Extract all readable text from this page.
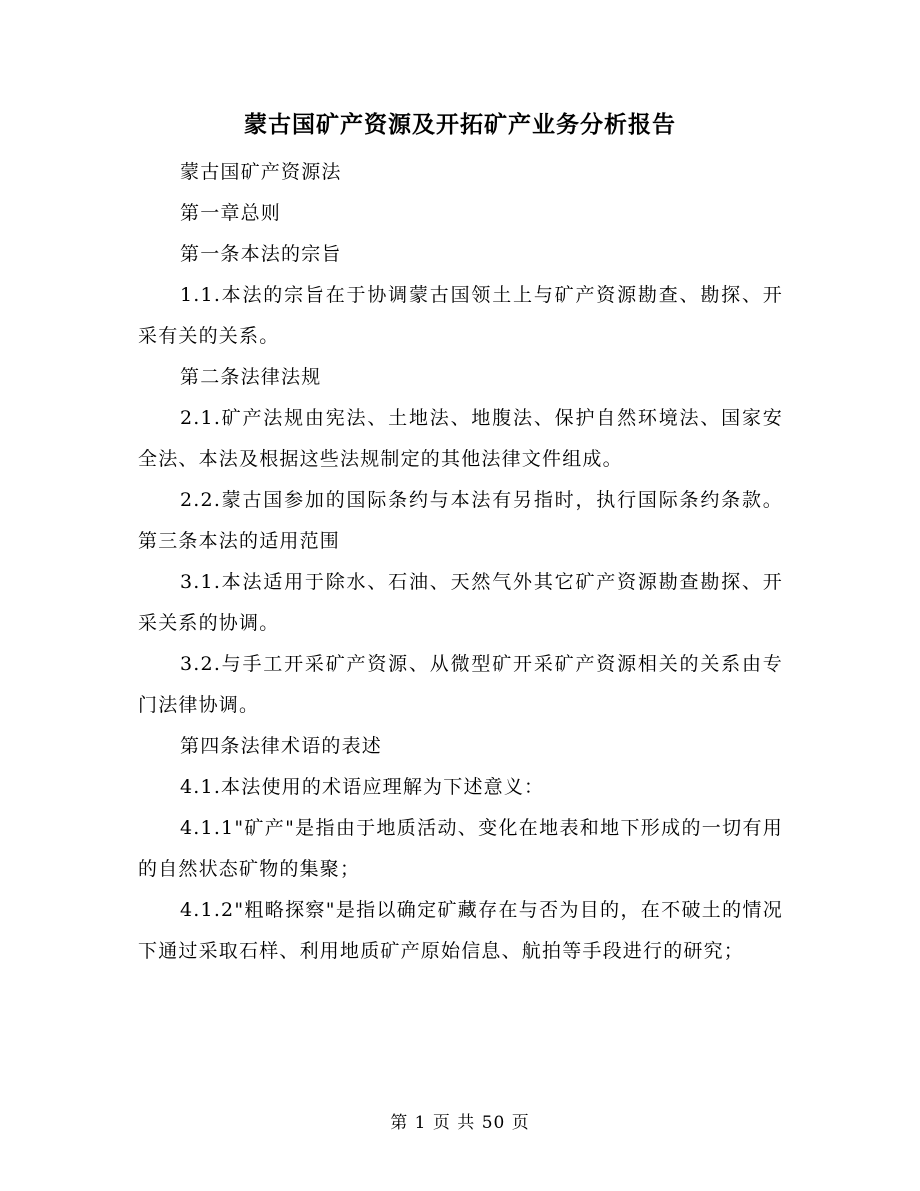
蒙古国矿产资源及开拓矿产业务分析报告

蒙古国矿产资源法

第一章总则

第一条本法的宗旨

1.1.本法的宗旨在于协调蒙古国领土上与矿产资源勘查、勘探、开采有关的关系。

第二条法律法规

2.1.矿产法规由宪法、土地法、地腹法、保护自然环境法、国家安全法、本法及根据这些法规制定的其他法律文件组成。

2.2.蒙古国参加的国际条约与本法有另指时，执行国际条约条款。第三条本法的适用范围

3.1.本法适用于除水、石油、天然气外其它矿产资源勘查勘探、开采关系的协调。

3.2.与手工开采矿产资源、从微型矿开采矿产资源相关的关系由专门法律协调。

第四条法律术语的表述

4.1.本法使用的术语应理解为下述意义：

4.1.1"矿产"是指由于地质活动、变化在地表和地下形成的一切有用的自然状态矿物的集聚；

4.1.2"粗略探察"是指以确定矿藏存在与否为目的，在不破土的情况下通过采取石样、利用地质矿产原始信息、航拍等手段进行的研究；

第 1 页 共 50 页
